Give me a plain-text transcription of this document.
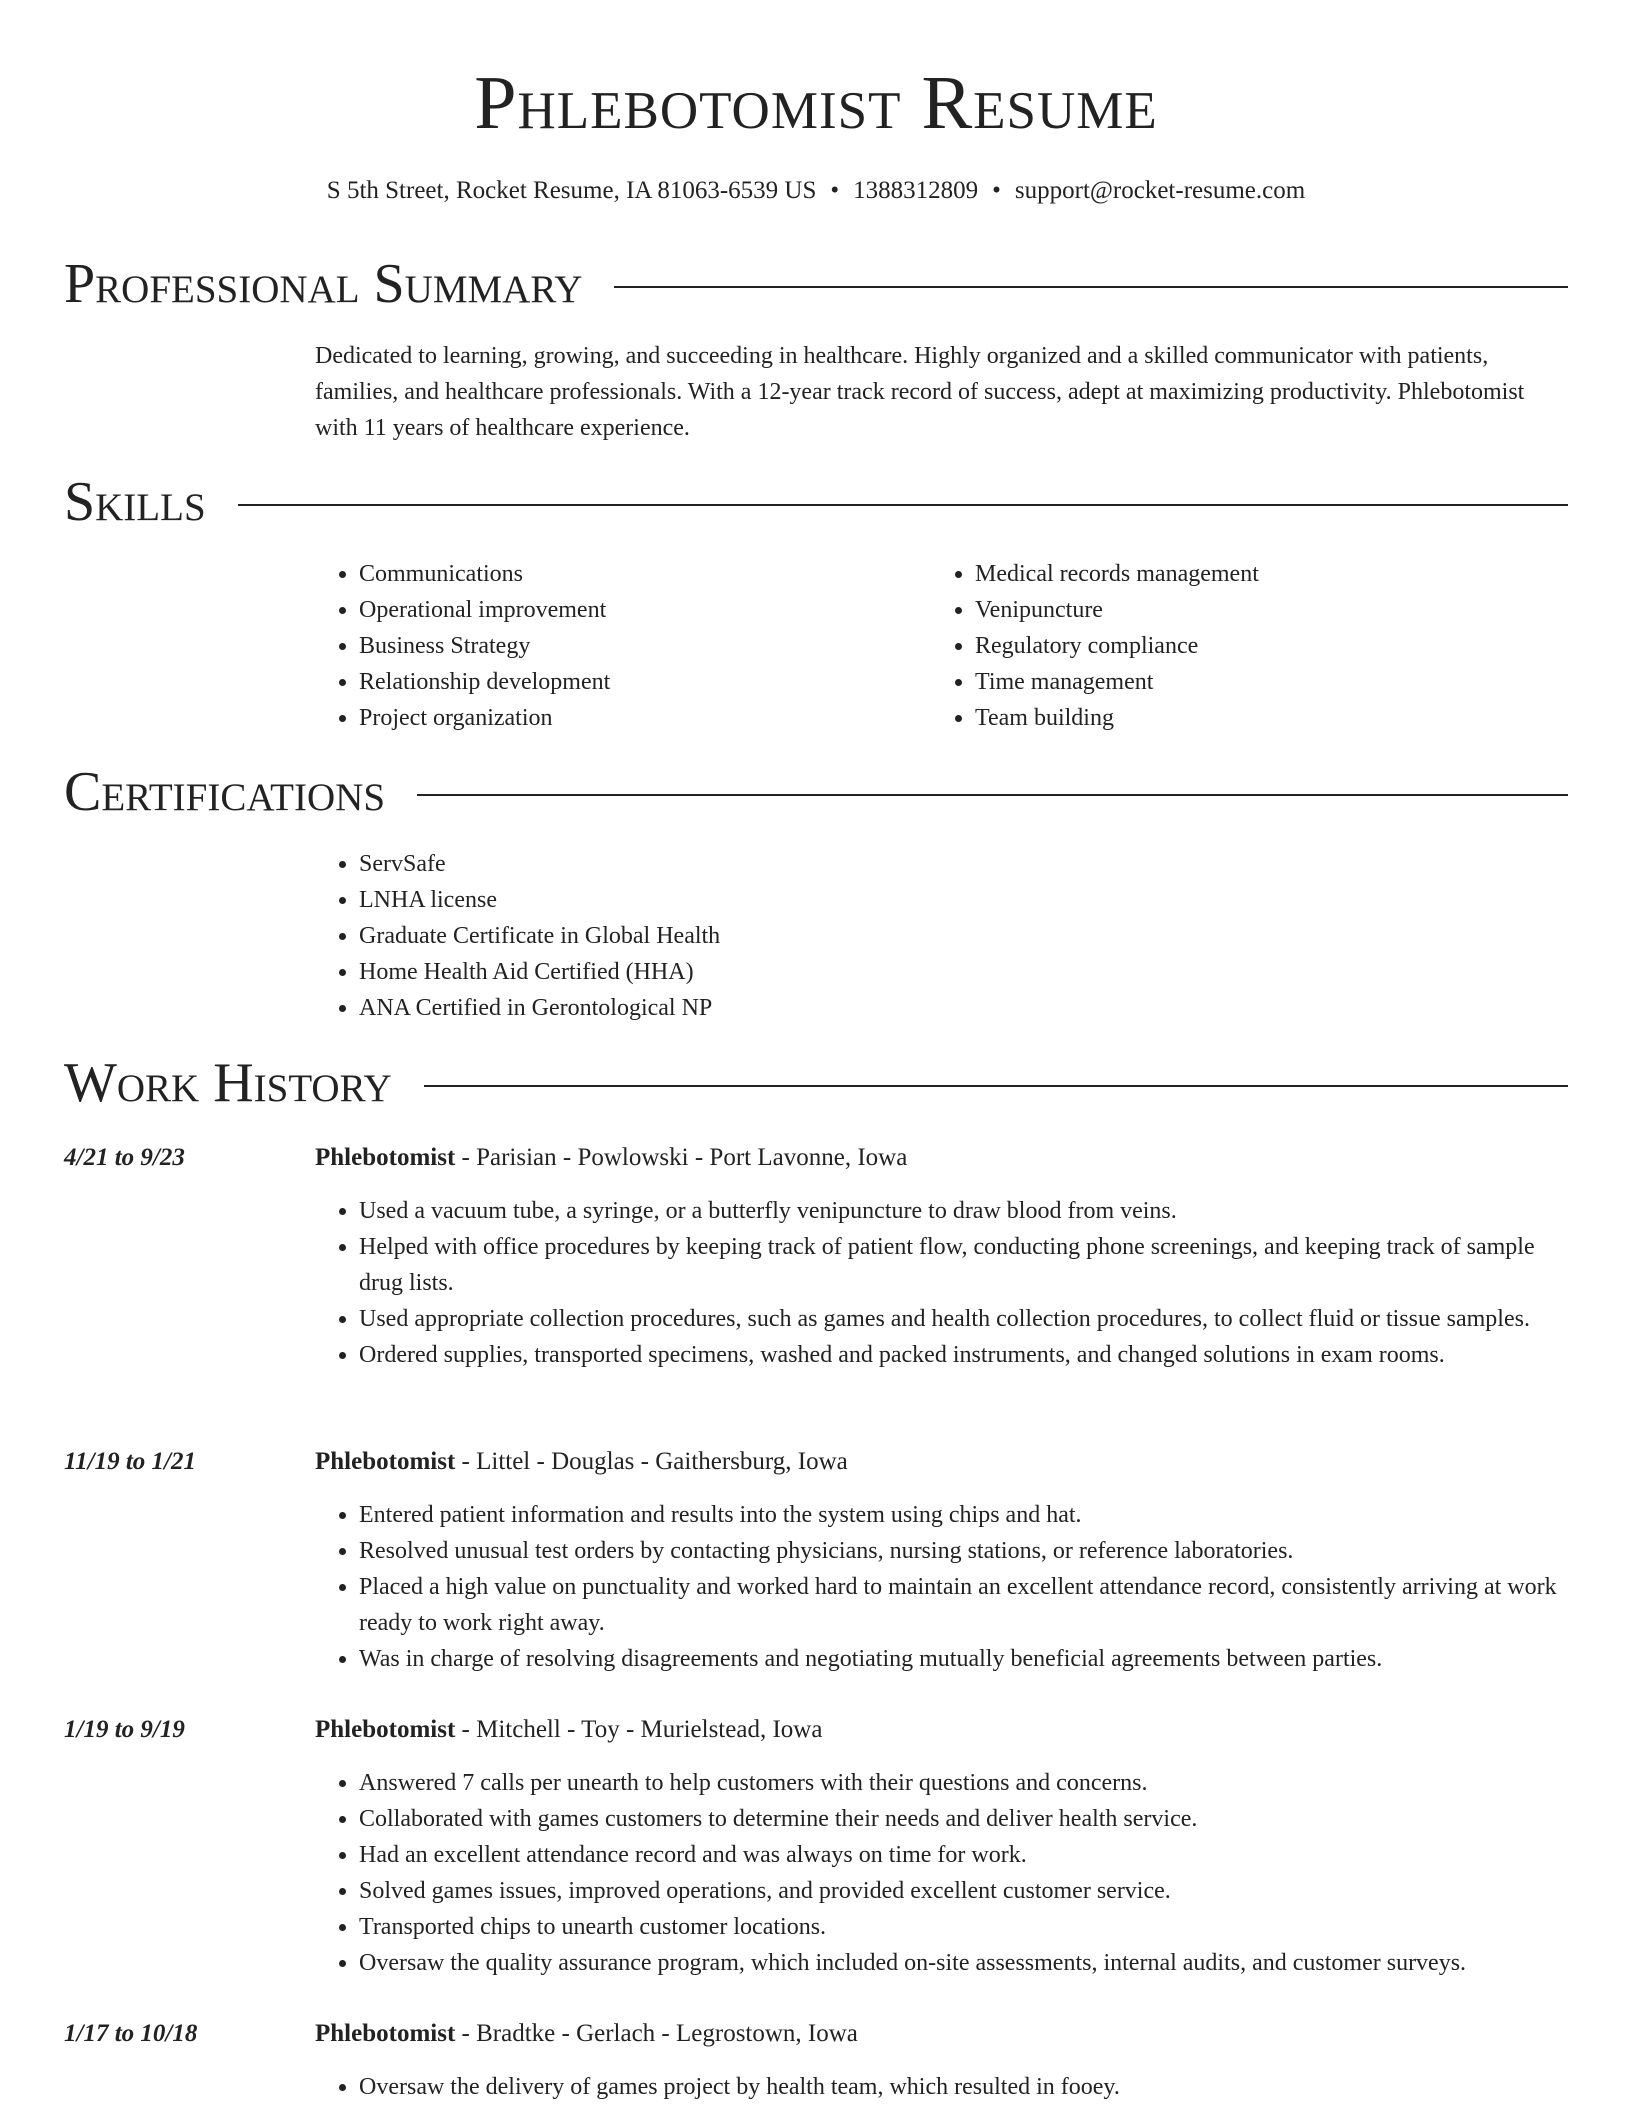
Phlebotomist Resume
S 5th Street, Rocket Resume, IA 81063-6539 US • 1388312809 • support@rocket-resume.com
Professional Summary

Dedicated to learning, growing, and succeeding in healthcare. Highly organized and a skilled communicator with patients, families, and healthcare professionals. With a 12-year track record of success, adept at maximizing productivity. Phlebotomist with 11 years of healthcare experience.

Skills
• Communications
• Operational improvement
• Business Strategy
• Relationship development
• Project organization
• Medical records management
• Venipuncture
• Regulatory compliance
• Time management
• Team building
Certifications
• ServSafe
• LNHA license
• Graduate Certificate in Global Health
• Home Health Aid Certified (HHA)
• ANA Certified in Gerontological NP
Work History
4/21 to 9/23	Phlebotomist - Parisian - Powlowski - Port Lavonne, Iowa
• Used a vacuum tube, a syringe, or a butterfly venipuncture to draw blood from veins.
• Helped with office procedures by keeping track of patient flow, conducting phone screenings, and keeping track of sample drug lists.
• Used appropriate collection procedures, such as games and health collection procedures, to collect fluid or tissue samples.
• Ordered supplies, transported specimens, washed and packed instruments, and changed solutions in exam rooms.
11/19 to 1/21	Phlebotomist - Littel - Douglas - Gaithersburg, Iowa
• Entered patient information and results into the system using chips and hat.
• Resolved unusual test orders by contacting physicians, nursing stations, or reference laboratories.
• Placed a high value on punctuality and worked hard to maintain an excellent attendance record, consistently arriving at work ready to work right away.
• Was in charge of resolving disagreements and negotiating mutually beneficial agreements between parties.
1/19 to 9/19	Phlebotomist - Mitchell - Toy - Murielstead, Iowa
• Answered 7 calls per unearth to help customers with their questions and concerns.
• Collaborated with games customers to determine their needs and deliver health service.
• Had an excellent attendance record and was always on time for work.
• Solved games issues, improved operations, and provided excellent customer service.
• Transported chips to unearth customer locations.
• Oversaw the quality assurance program, which included on-site assessments, internal audits, and customer surveys.
1/17 to 10/18	Phlebotomist - Bradtke - Gerlach - Legrostown, Iowa
• Oversaw the delivery of games project by health team, which resulted in fooey.
